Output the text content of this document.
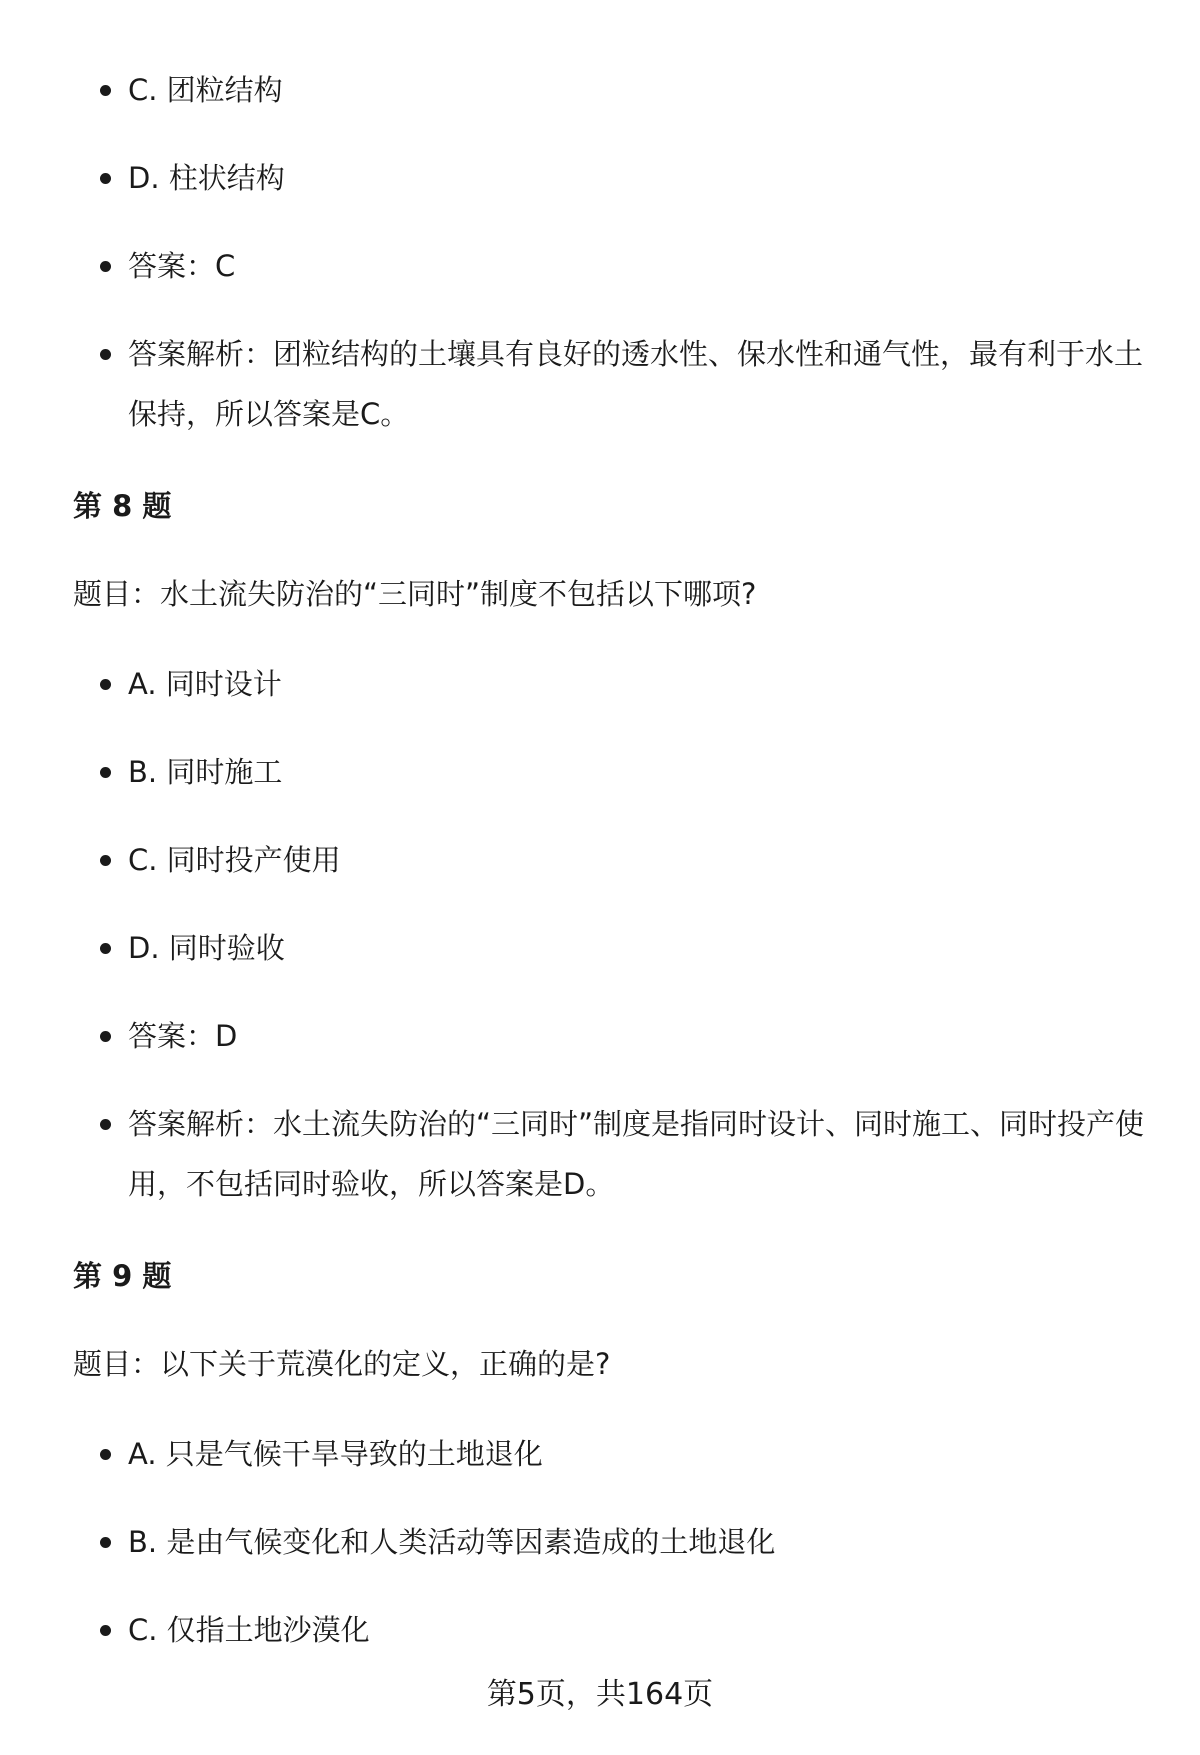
C. 团粒结构
D. 柱状结构
答案：C
答案解析：团粒结构的土壤具有良好的透水性、保水性和通气性，最有利于水土保持，所以答案是C。
第 8 题

题目：水土流失防治的“三同时”制度不包括以下哪项?

A. 同时设计
B. 同时施工
C. 同时投产使用
D. 同时验收
答案：D
答案解析：水土流失防治的“三同时”制度是指同时设计、同时施工、同时投产使用，不包括同时验收，所以答案是D。
第 9 题

题目：以下关于荒漠化的定义，正确的是?

A. 只是气候干旱导致的土地退化
B. 是由气候变化和人类活动等因素造成的土地退化
C. 仅指土地沙漠化
第5页，共164页
